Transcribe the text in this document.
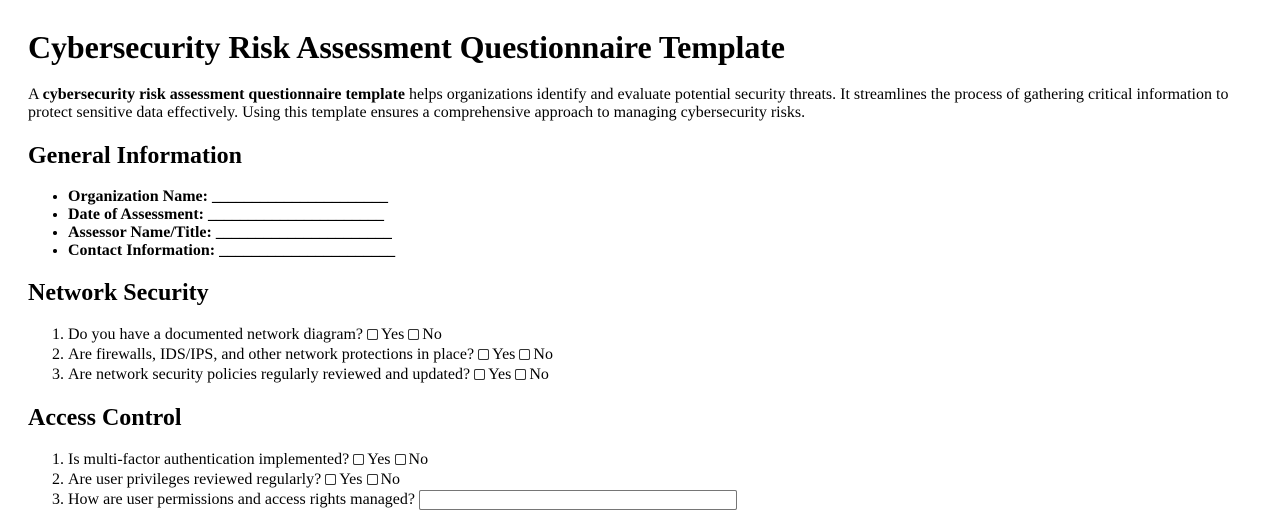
Cybersecurity Risk Assessment Questionnaire Template

A cybersecurity risk assessment questionnaire template helps organizations identify and evaluate potential security threats. It streamlines the process of gathering critical information to protect sensitive data effectively. Using this template ensures a comprehensive approach to managing cybersecurity risks.

General Information
• Organization Name: ______________________
• Date of Assessment: ______________________
• Assessor Name/Title: ______________________
• Contact Information: ______________________
Network Security
1. Do you have a documented network diagram? Yes No
2. Are firewalls, IDS/IPS, and other network protections in place? Yes No
3. Are network security policies regularly reviewed and updated? Yes No
Access Control
1. Is multi-factor authentication implemented? Yes No
2. Are user privileges reviewed regularly? Yes No
3. How are user permissions and access rights managed?
